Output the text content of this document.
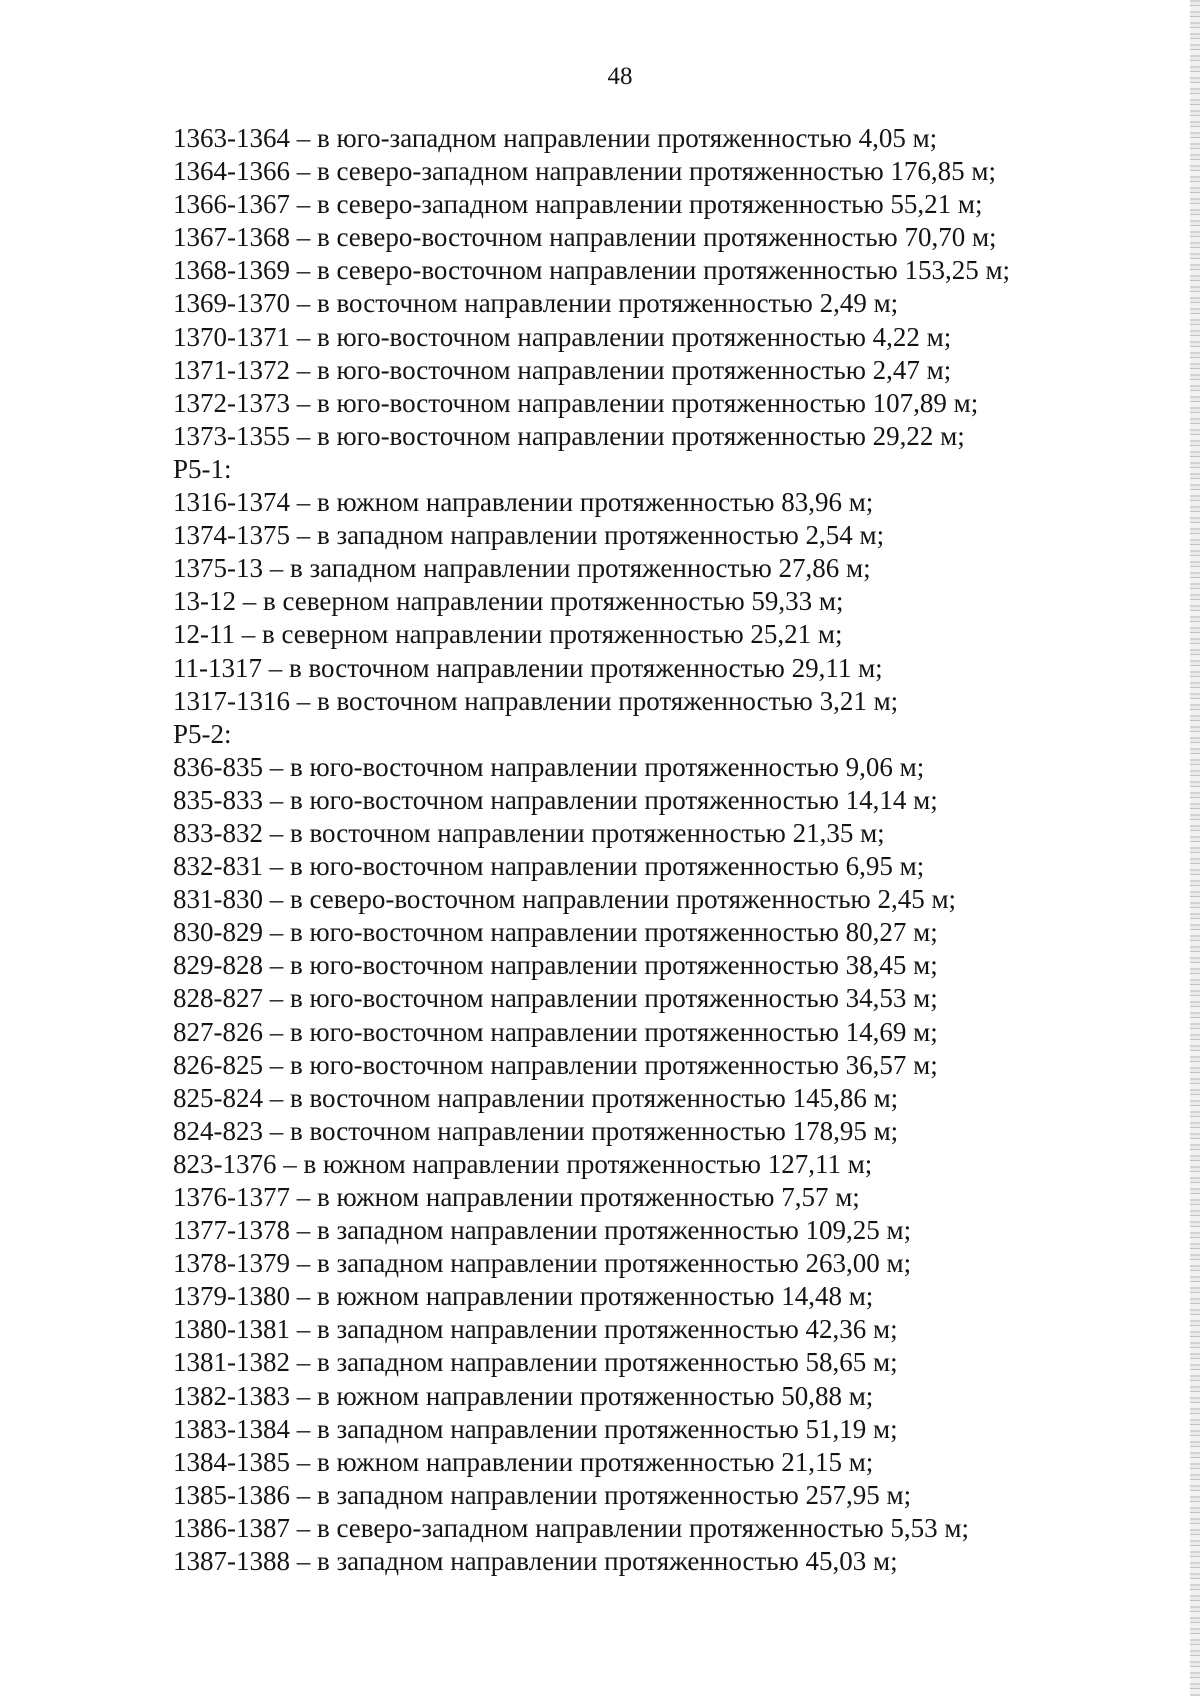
48
1363-1364 – в юго-западном направлении протяженностью 4,05 м;
1364-1366 – в северо-западном направлении протяженностью 176,85 м;
1366-1367 – в северо-западном направлении протяженностью 55,21 м;
1367-1368 – в северо-восточном направлении протяженностью 70,70 м;
1368-1369 – в северо-восточном направлении протяженностью 153,25 м;
1369-1370 – в восточном направлении протяженностью 2,49 м;
1370-1371 – в юго-восточном направлении протяженностью 4,22 м;
1371-1372 – в юго-восточном направлении протяженностью 2,47 м;
1372-1373 – в юго-восточном направлении протяженностью 107,89 м;
1373-1355 – в юго-восточном направлении протяженностью 29,22 м;
Р5-1:
1316-1374 – в южном направлении протяженностью 83,96 м;
1374-1375 – в западном направлении протяженностью 2,54 м;
1375-13 – в западном направлении протяженностью 27,86 м;
13-12 – в северном направлении протяженностью 59,33 м;
12-11 – в северном направлении протяженностью 25,21 м;
11-1317 – в восточном направлении протяженностью 29,11 м;
1317-1316 – в восточном направлении протяженностью 3,21 м;
Р5-2:
836-835 – в юго-восточном направлении протяженностью 9,06 м;
835-833 – в юго-восточном направлении протяженностью 14,14 м;
833-832 – в восточном направлении протяженностью 21,35 м;
832-831 – в юго-восточном направлении протяженностью 6,95 м;
831-830 – в северо-восточном направлении протяженностью 2,45 м;
830-829 – в юго-восточном направлении протяженностью 80,27 м;
829-828 – в юго-восточном направлении протяженностью 38,45 м;
828-827 – в юго-восточном направлении протяженностью 34,53 м;
827-826 – в юго-восточном направлении протяженностью 14,69 м;
826-825 – в юго-восточном направлении протяженностью 36,57 м;
825-824 – в восточном направлении протяженностью 145,86 м;
824-823 – в восточном направлении протяженностью 178,95 м;
823-1376 – в южном направлении протяженностью 127,11 м;
1376-1377 – в южном направлении протяженностью 7,57 м;
1377-1378 – в западном направлении протяженностью 109,25 м;
1378-1379 – в западном направлении протяженностью 263,00 м;
1379-1380 – в южном направлении протяженностью 14,48 м;
1380-1381 – в западном направлении протяженностью 42,36 м;
1381-1382 – в западном направлении протяженностью 58,65 м;
1382-1383 – в южном направлении протяженностью 50,88 м;
1383-1384 – в западном направлении протяженностью 51,19 м;
1384-1385 – в южном направлении протяженностью 21,15 м;
1385-1386 – в западном направлении протяженностью 257,95 м;
1386-1387 – в северо-западном направлении протяженностью 5,53 м;
1387-1388 – в западном направлении протяженностью 45,03 м;
